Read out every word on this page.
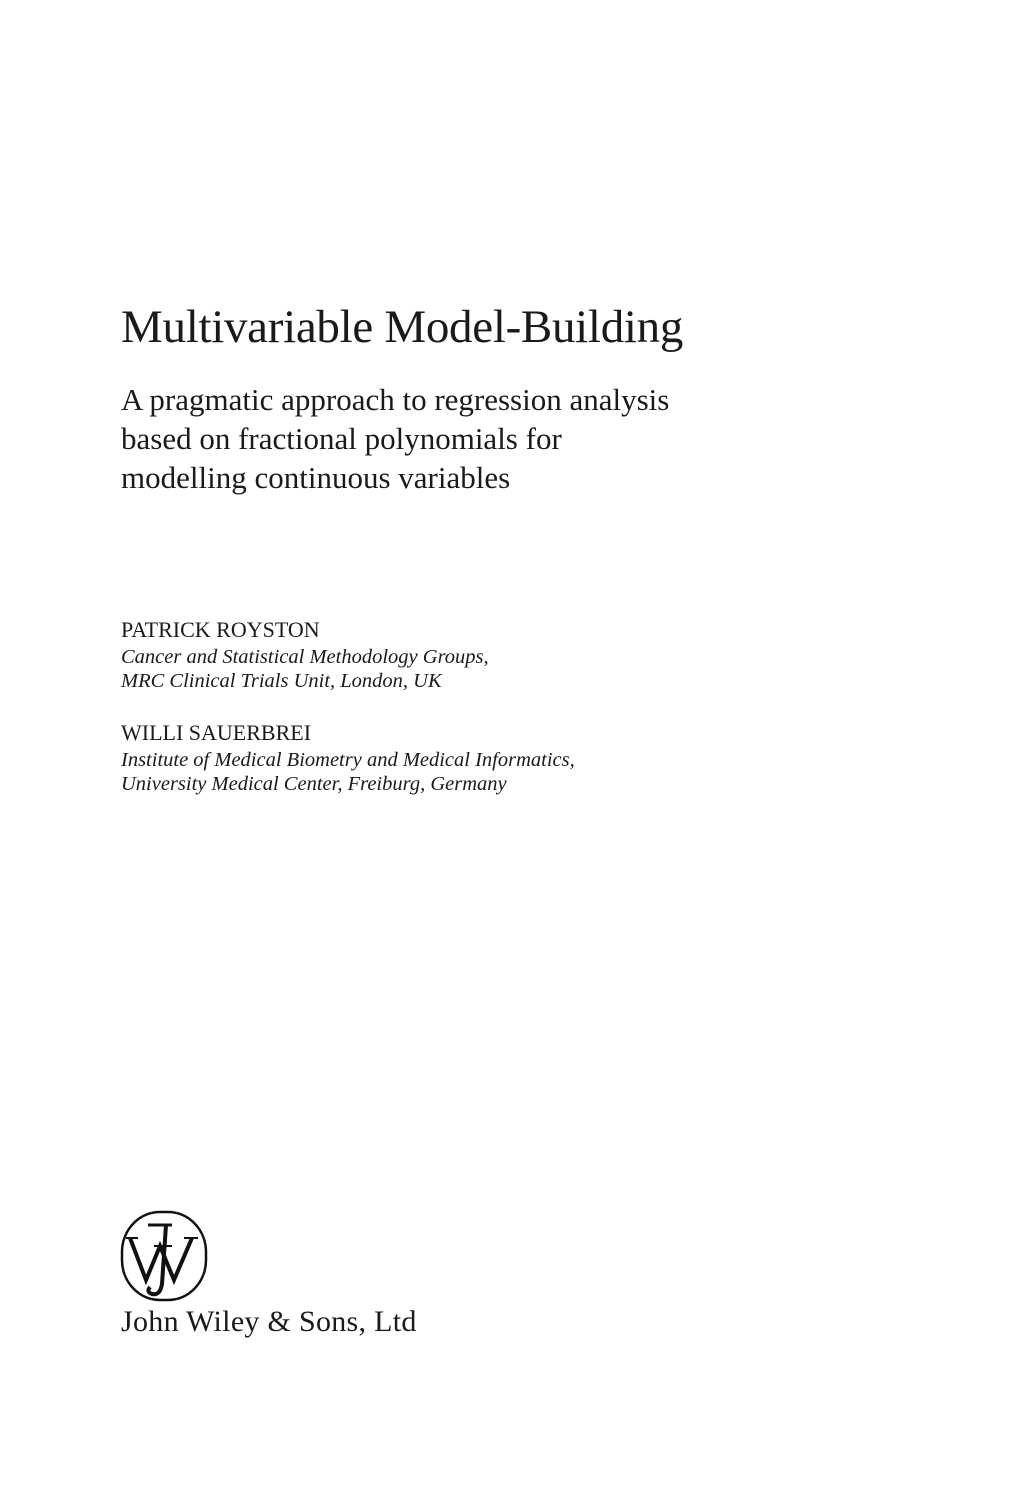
Multivariable Model-Building
A pragmatic approach to regression analysis
based on fractional polynomials for
modelling continuous variables
PATRICK ROYSTON
Cancer and Statistical Methodology Groups,
MRC Clinical Trials Unit, London, UK
WILLI SAUERBREI
Institute of Medical Biometry and Medical Informatics,
University Medical Center, Freiburg, Germany
John Wiley & Sons, Ltd
